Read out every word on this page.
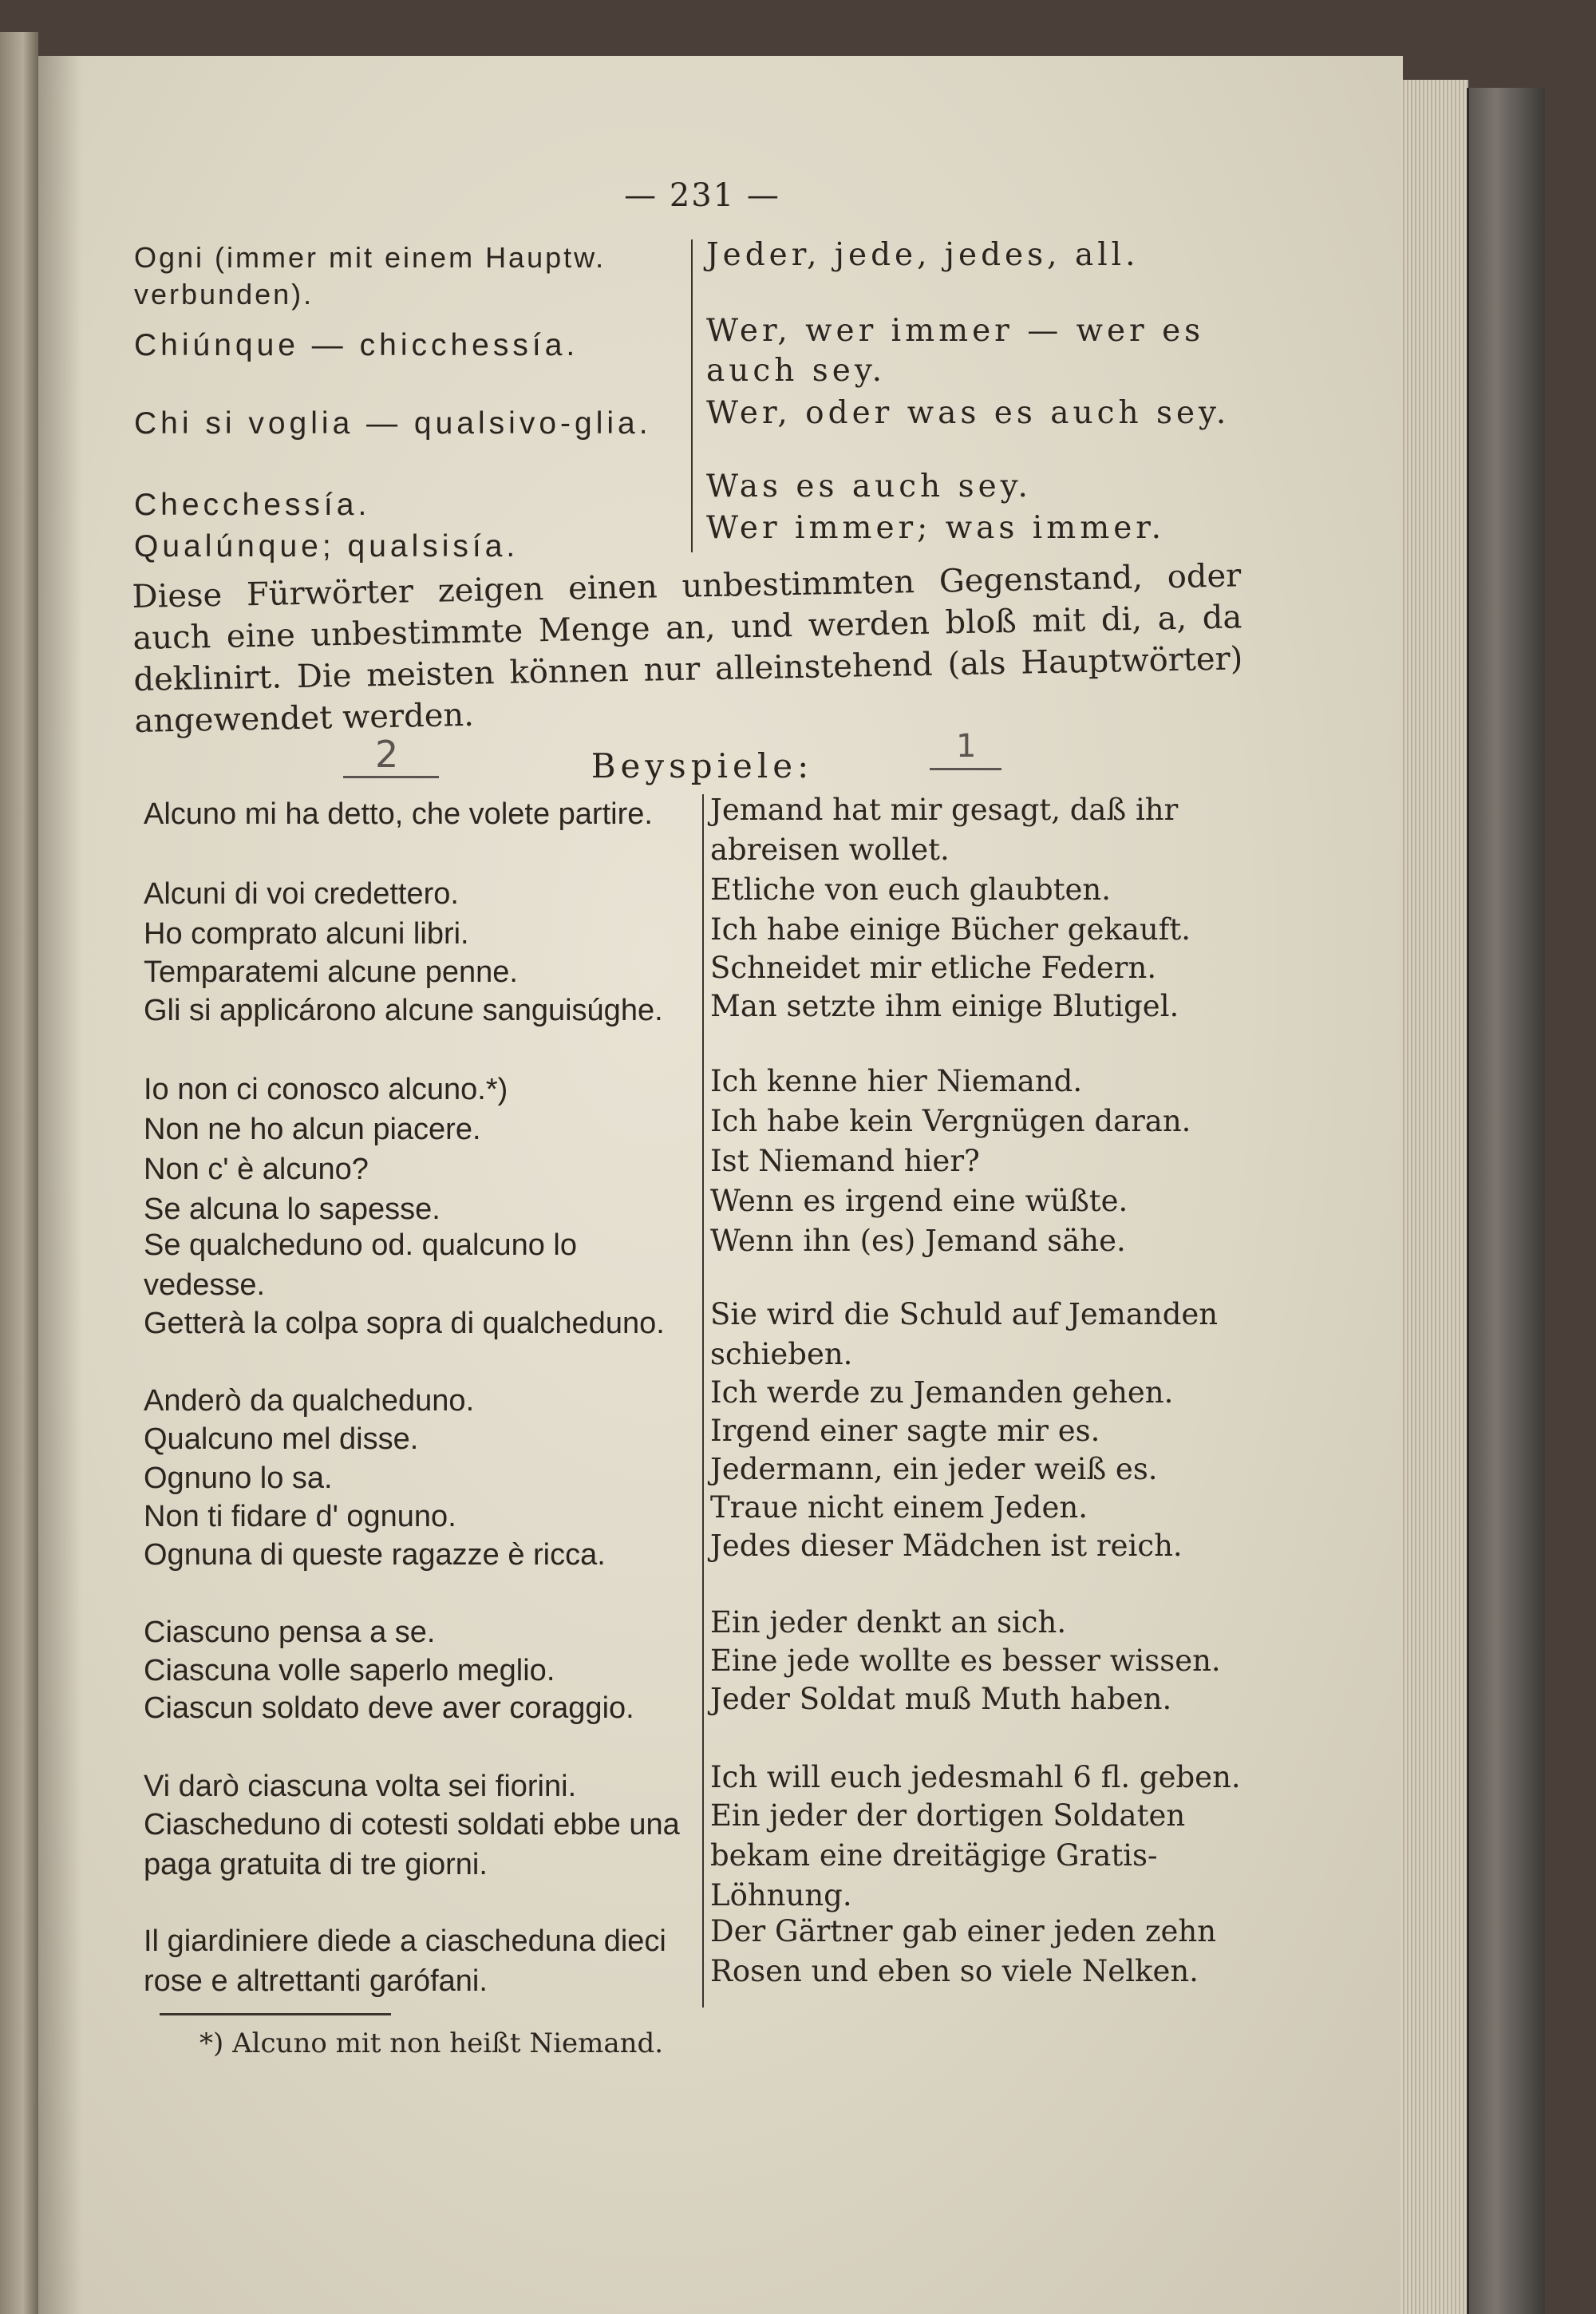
— 231 —
Ogni (immer mit einem Hauptw. verbunden).
Chiúnque — chicchessía.
Chi si voglia — qualsivo-glia.
Checchessía.
Qualúnque; qualsisía.
Jeder, jede, jedes, all.
Wer, wer immer — wer es auch sey.
Wer, oder was es auch sey.
Was es auch sey.
Wer immer; was immer.
Diese Fürwörter zeigen einen unbestimmten Gegenstand, oder auch eine unbestimmte Menge an, und werden bloß mit di, a, da deklinirt. Die meisten können nur alleinstehend (als Hauptwörter) angewendet werden.
Beyspiele:
2	1
Alcuno mi ha detto, che volete partire.
Alcuni di voi credettero.
Ho comprato alcuni libri.
Temparatemi alcune penne.
Gli si applicárono alcune sanguisúghe.
Io non ci conosco alcuno.*)
Non ne ho alcun piacere.
Non c' è alcuno?
Se alcuna lo sapesse.
Se qualcheduno od. qualcuno lo vedesse.
Getterà la colpa sopra di qualcheduno.
Anderò da qualcheduno.
Qualcuno mel disse.
Ognuno lo sa.
Non ti fidare d' ognuno.
Ognuna di queste ragazze è ricca.
Ciascuno pensa a se.
Ciascuna volle saperlo meglio.
Ciascun soldato deve aver coraggio.
Vi darò ciascuna volta sei fiorini.
Ciascheduno di cotesti soldati ebbe una paga gratuita di tre giorni.
Il giardiniere diede a ciascheduna dieci rose e altrettanti garófani.
Jemand hat mir gesagt, daß ihr abreisen wollet.
Etliche von euch glaubten.
Ich habe einige Bücher gekauft.
Schneidet mir etliche Federn.
Man setzte ihm einige Blutigel.
Ich kenne hier Niemand.
Ich habe kein Vergnügen daran.
Ist Niemand hier?
Wenn es irgend eine wüßte.
Wenn ihn (es) Jemand sähe.
Sie wird die Schuld auf Jemanden schieben.
Ich werde zu Jemanden gehen.
Irgend einer sagte mir es.
Jedermann, ein jeder weiß es.
Traue nicht einem Jeden.
Jedes dieser Mädchen ist reich.
Ein jeder denkt an sich.
Eine jede wollte es besser wissen.
Jeder Soldat muß Muth haben.
Ich will euch jedesmahl 6 fl. geben.
Ein jeder der dortigen Soldaten bekam eine dreitägige Gratis-Löhnung.
Der Gärtner gab einer jeden zehn Rosen und eben so viele Nelken.
*) Alcuno mit non heißt Niemand.
